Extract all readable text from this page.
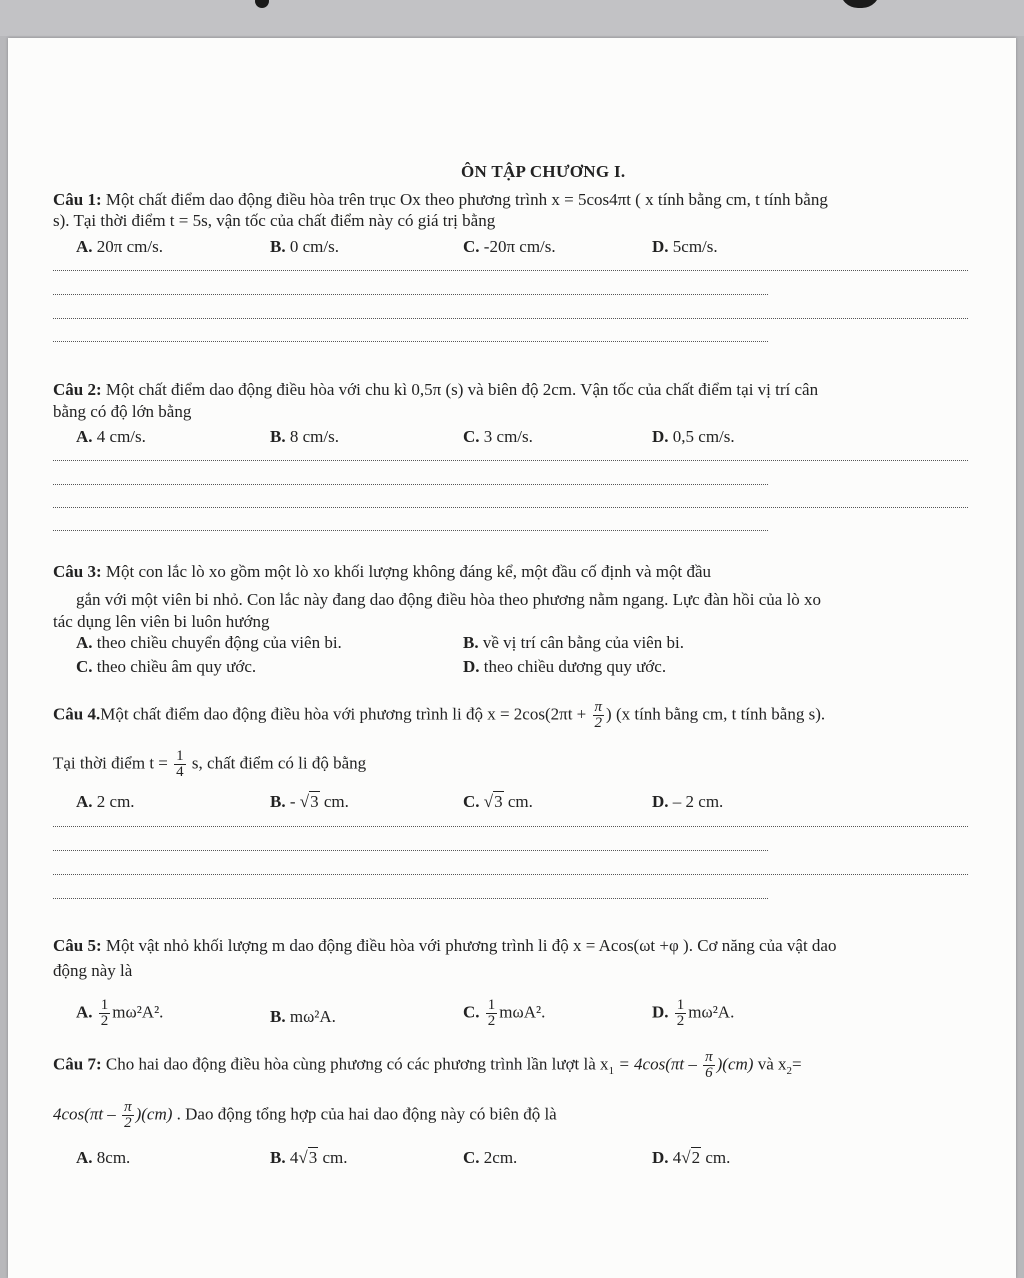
ÔN TẬP CHƯƠNG I.
Câu 1: Một chất điểm dao động điều hòa trên trục Ox theo phương trình x = 5cos4πt ( x tính bằng cm, t tính bằng
s). Tại thời điểm t = 5s, vận tốc của chất điểm này có giá trị bằng
A. 20π cm/s.	B. 0 cm/s.	C. -20π cm/s.	D. 5cm/s.
Câu 2: Một chất điểm dao động điều hòa với chu kì 0,5π (s) và biên độ 2cm. Vận tốc của chất điểm tại vị trí cân
bằng có độ lớn bằng
A. 4 cm/s.	B. 8 cm/s.	C. 3 cm/s.	D. 0,5 cm/s.
Câu 3: Một con lắc lò xo gồm một lò xo khối lượng không đáng kể, một đầu cố định và một đầu
gắn với một viên bi nhỏ. Con lắc này đang dao động điều hòa theo phương nằm ngang. Lực đàn hồi của lò xo
tác dụng lên viên bi luôn hướng
A. theo chiều chuyển động của viên bi.	B. về vị trí cân bằng của viên bi.
C. theo chiều âm quy ước.	D. theo chiều dương quy ước.
Câu 4.Một chất điểm dao động điều hòa với phương trình li độ $x = 2\cos(2\pi t + \frac{\pi}{2}$ ) (x tính bằng cm, t tính bằng s).
Tại thời điểm $t = \frac{1}{4} s$, chất điểm có li độ bằng
A. 2 cm.	B. - √3 cm.	C. √3 cm.	D. – 2 cm.
Câu 5: Một vật nhỏ khối lượng m dao động điều hòa với phương trình li độ x = Acos(ωt +φ ). Cơ năng của vật dao
động này là
A. $\frac{1}{2} m\omega^2A^2$.	B. mω²A.	C. $\frac{1}{2} m\omega A^2$.	D. $\frac{1}{2} m\omega^2A$.
Câu 7: Cho hai dao động điều hòa cùng phương có các phương trình lần lượt là $x_1 = 4\cos(\pi t - \frac{\pi}{6} )(cm)$ và $x_2=$
$4\cos(\pi t - \frac{\pi}{2} )(cm)$ . Dao động tổng hợp của hai dao động này có biên độ là
A. 8cm.	B. 4√3 cm.	C. 2cm.	D. 4√2 cm.
